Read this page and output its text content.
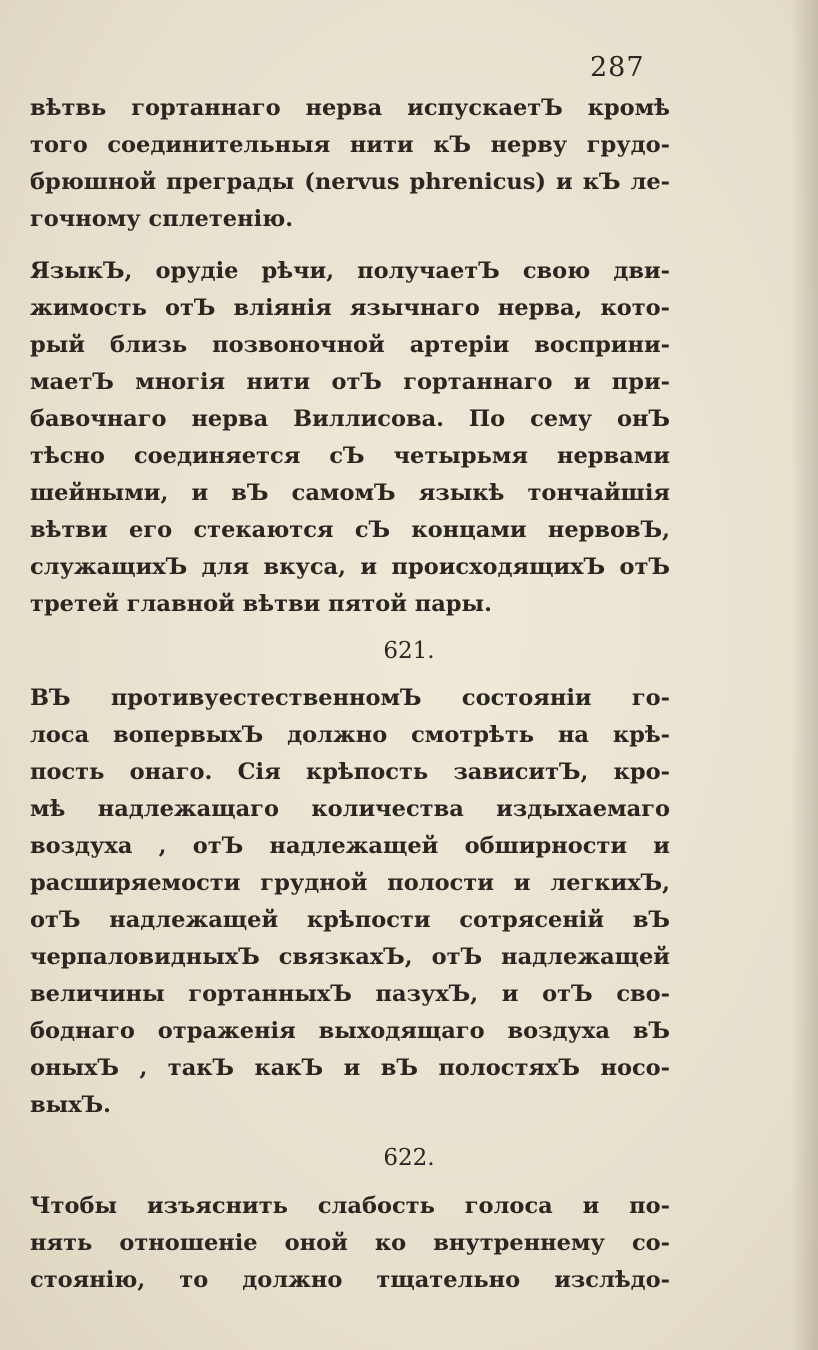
287
вѣтвь гортаннаго нерва испускаетЪ кромѣ
того соединительныя нити кЪ нерву грудо-
брюшной преграды (nervus phrenicus) и кЪ ле-
гочному сплетенію.
ЯзыкЪ, орудіе рѣчи, получаетЪ свою дви-
жимость отЪ вліянія язычнаго нерва, кото-
рый близь позвоночной артеріи восприни-
маетЪ многія нити отЪ гортаннаго и при-
бавочнаго нерва Виллисова. По сему онЪ
тѣсно соединяется сЪ четырьмя нервами
шейными, и вЪ самомЪ языкѣ тончайшія
вѣтви его стекаются сЪ концами нервовЪ,
служащихЪ для вкуса, и происходящихЪ отЪ
третей главной вѣтви пятой пары.
621.
ВЪ противуестественномЪ состояніи го-
лоса вопервыхЪ должно смотрѣть на крѣ-
пость онаго. Сія крѣпость зависитЪ, кро-
мѣ надлежащаго количества издыхаемаго
воздуха , отЪ надлежащей обширности и
расширяемости грудной полости и легкихЪ,
отЪ надлежащей крѣпости сотрясеній вЪ
черпаловидныхЪ связкахЪ, отЪ надлежащей
величины гортанныхЪ пазухЪ, и отЪ сво-
боднаго отраженія выходящаго воздуха вЪ
оныхЪ , такЪ какЪ и вЪ полостяхЪ носо-
выхЪ.
622.
Чтобы изъяснить слабость голоса и по-
нять отношеніе оной ко внутреннему со-
стоянію, то должно тщательно изслѣдо-
